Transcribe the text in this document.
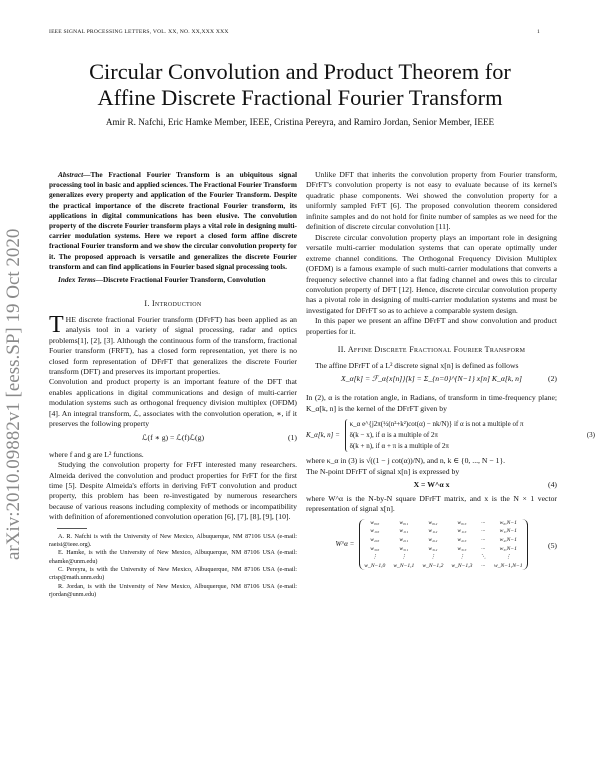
IEEE SIGNAL PROCESSING LETTERS, VOL. XX, NO. XX,XXX XXX	1
Circular Convolution and Product Theorem for
Affine Discrete Fractional Fourier Transform
Amir R. Nafchi, Eric Hamke Member, IEEE, Cristina Pereyra, and Ramiro Jordan, Senior Member, IEEE
arXiv:2010.09882v1 [eess.SP] 19 Oct 2020

Abstract—The Fractional Fourier Transform is an ubiquitous signal processing tool in basic and applied sciences. The Fractional Fourier Transform generalizes every property and application of the Fourier Transform. Despite the practical importance of the discrete fractional Fourier transform, its applications in digital communications has been elusive. The convolution property of the discrete Fourier transform plays a vital role in designing multi-carrier modulation systems. Here we report a closed form affine discrete fractional Fourier transform and we show the circular convolution property for it. The proposed approach is versatile and generalizes the discrete Fourier transform and can find applications in Fourier based signal processing tools.

Index Terms—Discrete Fractional Fourier Transform, Convolution

I. Introduction

THE discrete fractional Fourier transform (DFrFT) has been applied as an analysis tool in a variety of signal processing, radar and optics problems[1], [2], [3]. Although the continuous form of the transform, fractional Fourier transform (FRFT), has a closed form representation, yet there is no closed form representation of DFrFT that generalizes the discrete Fourier transform (DFT) and preserves its important properties.

Convolution and product property is an important feature of the DFT that enables applications in digital communications and design of multi-carrier modulation systems such as orthogonal frequency division multiplex (OFDM) [4]. An integral transform, ℒ, associates with the convolution operation, ∗, if it preserves the following property

ℒ(f ∗ g) = ℒ(f)ℒ(g)	(1)

where f and g are L² functions.

Studying the convolution property for FrFT interested many researchers. Almeida derived the convolution and product properties for FrFT for the first time [5]. Despite Almeida's efforts in deriving FrFT convolution and product property, this problem has been re-investigated by numerous researchers because of various reasons including complexity of methods or incompatibility with definition of aforementioned convolution operation [6], [7], [8], [9], [10].

A. R. Nafchi is with the University of New Mexico, Albuquerque, NM 87106 USA (e-mail: raeisi@ieee.org).

E. Hamke, is with the University of New Mexico, Albuquerque, NM 87106 USA (e-mail: ehamke@unm.edu)

C. Pereyra, is with the University of New Mexico, Albuquerque, NM 87106 USA (e-mail: crisp@math.unm.edu)

R. Jordan, is with the University of New Mexico, Albuquerque, NM 87106 USA (e-mail: rjordan@unm.edu)

Unlike DFT that inherits the convolution property from Fourier transform, DFrFT's convolution property is not easy to evaluate because of its kernel's quadratic phase components. Wei showed the convolution property for a uniformly sampled FrFT [6]. The proposed convolution theorem considered infinite samples and do not hold for finite number of samples as we need for the definition of discrete circular convolution [11].

Discrete circular convolution property plays an important role in designing versatile multi-carrier modulation systems that can operate optimally under extreme channel conditions. The Orthogonal Frequency Division Multiplex (OFDM) is a famous example of such multi-carrier modulations that converts a frequency selective channel into a flat fading channel and owes this to circular convolution property of DFT [12]. Hence, discrete circular convolution property has a pivotal role in designing of multi-carrier modulation systems and must be investigated for DFrFT so as to achieve a comparable system design.

In this paper we present an affine DFrFT and show convolution and product properties for it.

II. Affine Discrete Fractional Fourier Transform

The affine DFrFT of a L² discrete signal x[n] is defined as follows

X_α[k] = ℱ_α{x[n]}[k] = Σ_{n=0}^{N−1} x[n] K_α[k, n]	(2)

In (2), α is the rotation angle, in Radians, of transform in time-frequency plane; K_α[k, n] is the kernel of the DFrFT given by

K_α[k, n] =
κ_α e^{j2π(½(n²+k²)cot(α) − nk/N)} if α is not a multiple of π
δ(k − x), if α is a multiple of 2π
δ(k + n), if α + π is a multiple of 2π
(3)

where κ_α in (3) is √((1 − j cot(α))/N), and n, k ∈ {0, ..., N − 1}.

The N-point DFrFT of signal x[n] is expressed by

X = W^α x	(4)

where W^α is the N-by-N square DFrFT matrix, and x is the N × 1 vector representation of signal x[n].

W^α =
w₀,₀	w₀,₁	w₀,₂	w₀,₃	···	w₀,N−1
w₁,₀	w₁,₁	w₁,₂	w₁,₃	···	w₁,N−1
w₂,₀	w₂,₁	w₂,₂	w₂,₃	···	w₂,N−1
w₃,₀	w₃,₁	w₃,₂	w₃,₃	···	w₃,N−1
⋮	⋮	⋮	⋮	⋱	⋮
w_N−1,0 w_N−1,1 w_N−1,2 w_N−1,3 ··· w_N−1,N−1
(5)
